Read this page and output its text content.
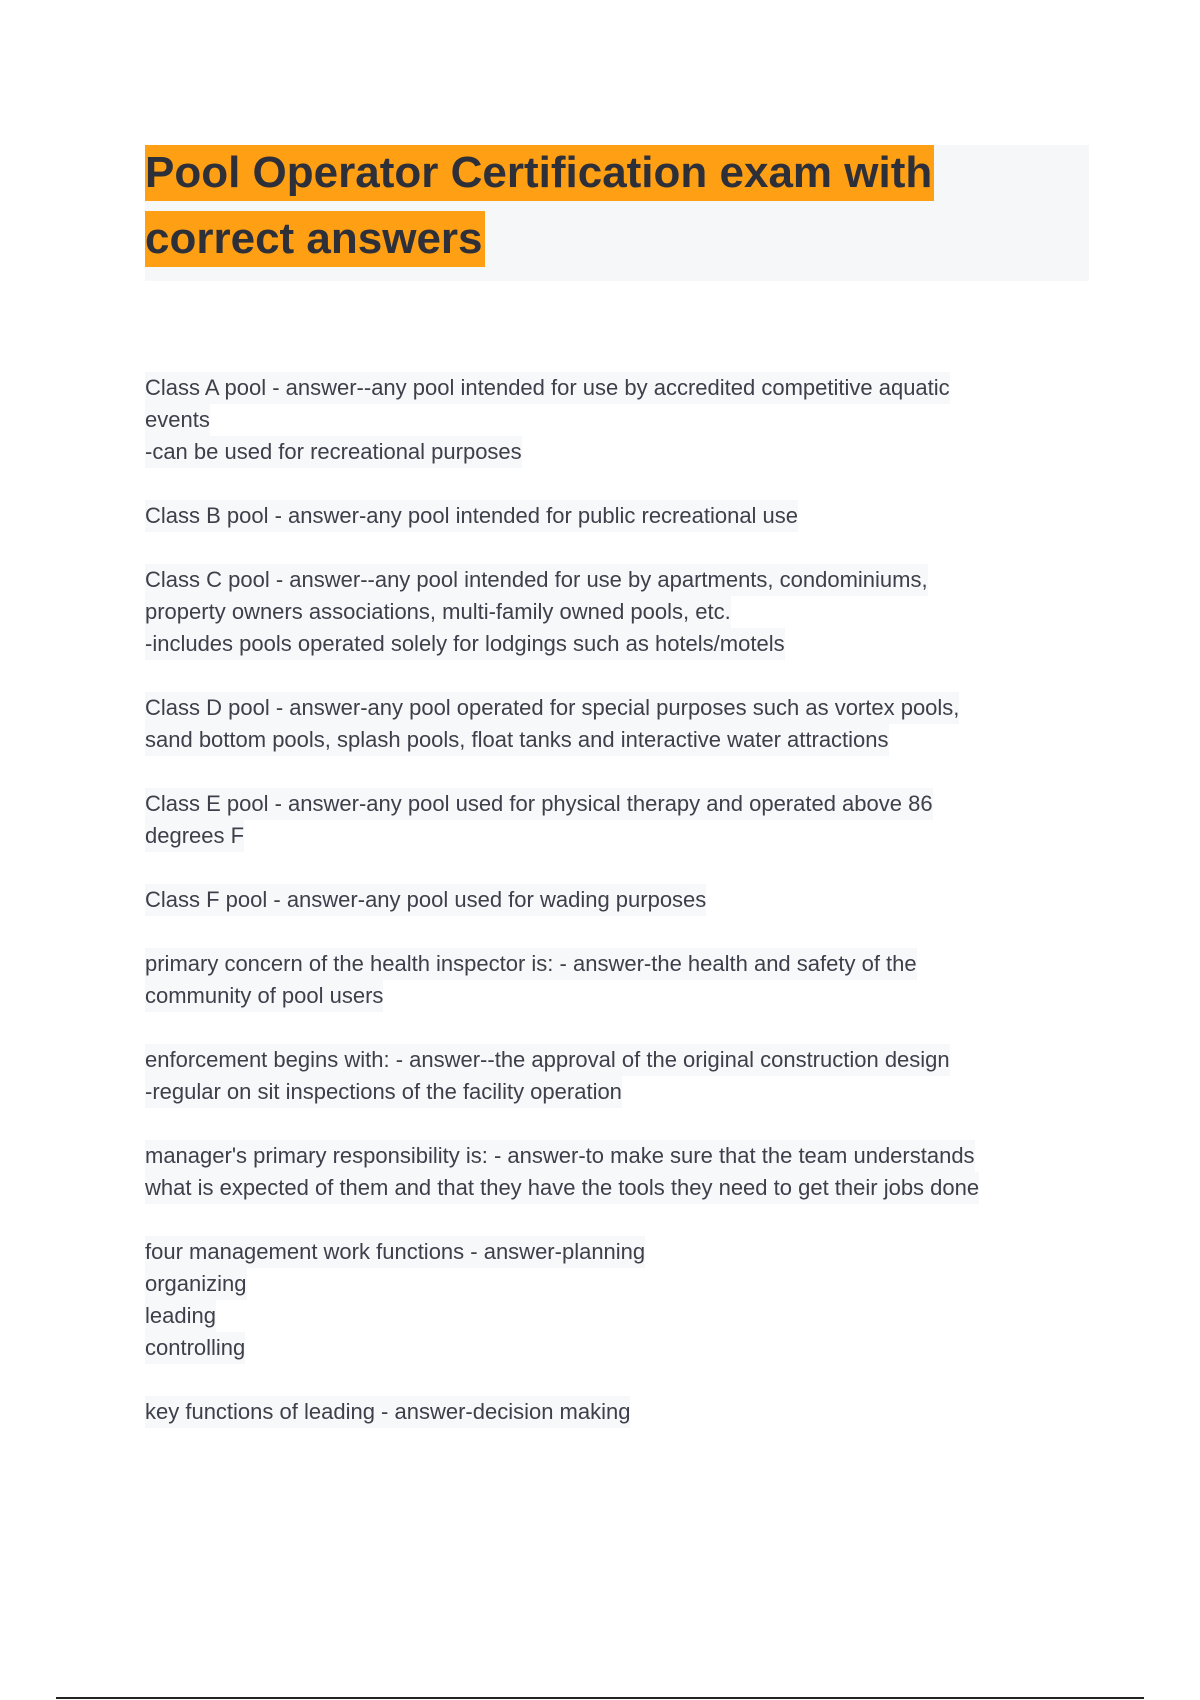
Pool Operator Certification exam with
correct answers
Class A pool - answer--any pool intended for use by accredited competitive aquatic
events
-can be used for recreational purposes
Class B pool - answer-any pool intended for public recreational use
Class C pool - answer--any pool intended for use by apartments, condominiums,
property owners associations, multi-family owned pools, etc.
-includes pools operated solely for lodgings such as hotels/motels
Class D pool - answer-any pool operated for special purposes such as vortex pools,
sand bottom pools, splash pools, float tanks and interactive water attractions
Class E pool - answer-any pool used for physical therapy and operated above 86
degrees F
Class F pool - answer-any pool used for wading purposes
primary concern of the health inspector is: - answer-the health and safety of the
community of pool users
enforcement begins with: - answer--the approval of the original construction design
-regular on sit inspections of the facility operation
manager's primary responsibility is: - answer-to make sure that the team understands
what is expected of them and that they have the tools they need to get their jobs done
four management work functions - answer-planning
organizing
leading
controlling
key functions of leading - answer-decision making
